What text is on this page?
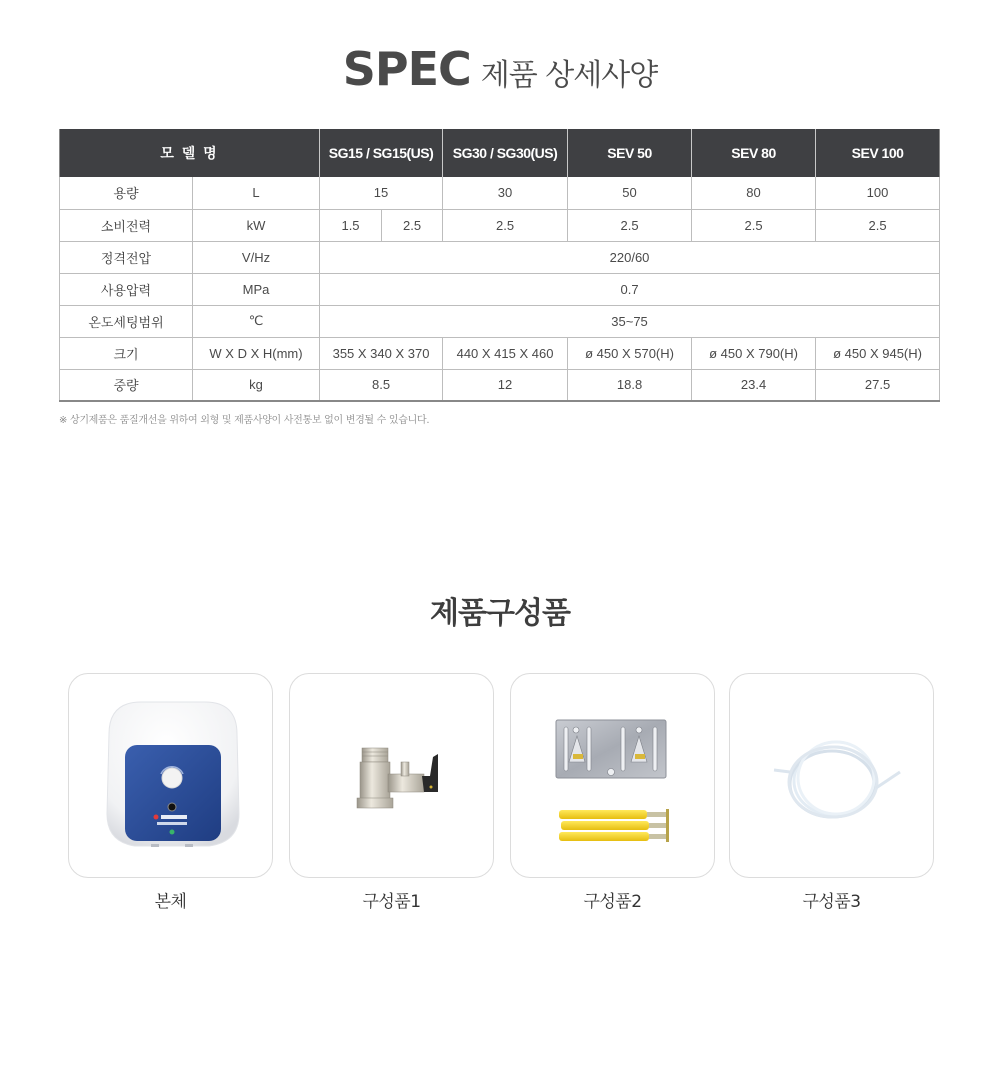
SPEC 제품 상세사양
모 델 명		SG15 / SG15(US)		SG30 / SG30(US)	SEV 50	SEV 80	SEV 100
용량	L	15		30	50	80	100
소비전력	kW	1.5	2.5	2.5	2.5	2.5	2.5
정격전압	V/Hz	220/60					
사용압력	MPa	0.7					
온도세팅범위	℃	35~75					
크기	W X D X H(mm)	355 X 340 X 370		440 X 415 X 460	ø 450 X 570(H)	ø 450 X 790(H)	ø 450 X 945(H)
중량	kg	8.5		12	18.8	23.4	27.5
※ 상기제품은 품질개선을 위하여 외형 및 제품사양이 사전통보 없이 변경될 수 있습니다.
제품구성품
본체	구성품1	구성품2	구성품3
